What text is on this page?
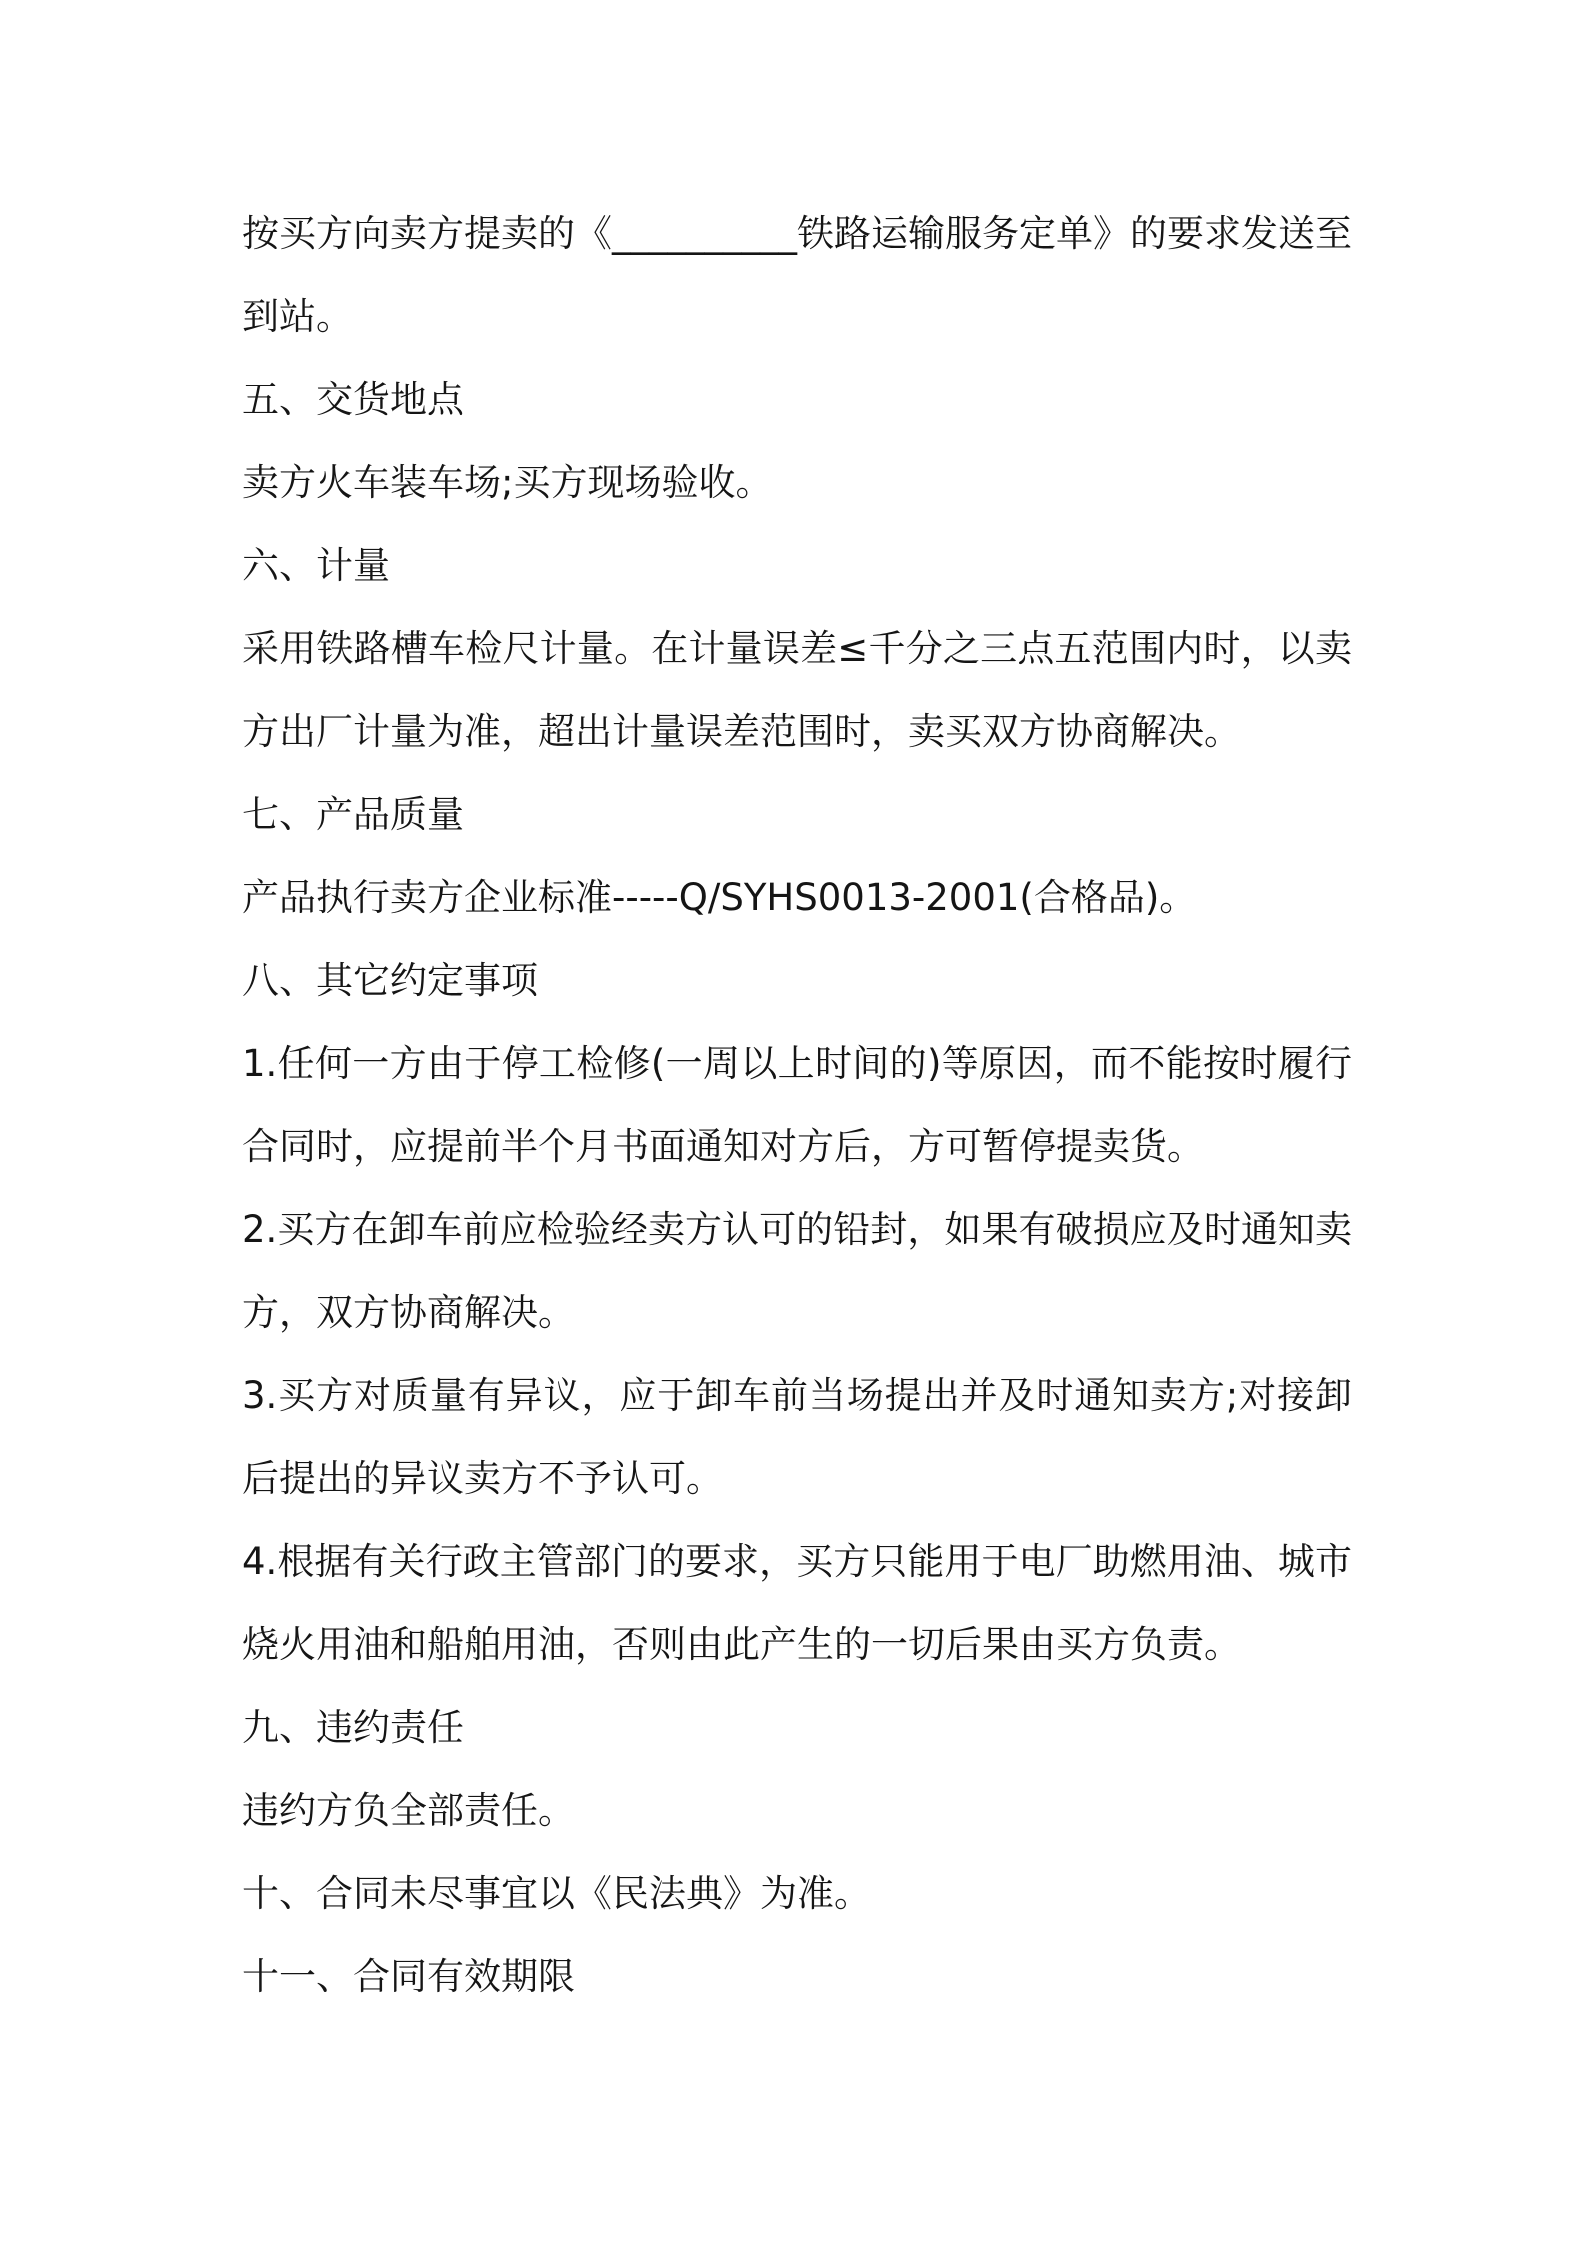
按买方向卖方提卖的《__________铁路运输服务定单》的要求发送至
到站。
五、交货地点
卖方火车装车场;买方现场验收。
六、计量
采用铁路槽车检尺计量。在计量误差≤千分之三点五范围内时，以卖
方出厂计量为准，超出计量误差范围时，卖买双方协商解决。
七、产品质量
产品执行卖方企业标准-----Q/SYHS0013-2001(合格品)。
八、其它约定事项
1.任何一方由于停工检修(一周以上时间的)等原因，而不能按时履行
合同时，应提前半个月书面通知对方后，方可暂停提卖货。
2.买方在卸车前应检验经卖方认可的铅封，如果有破损应及时通知卖
方，双方协商解决。
3.买方对质量有异议，应于卸车前当场提出并及时通知卖方;对接卸
后提出的异议卖方不予认可。
4.根据有关行政主管部门的要求，买方只能用于电厂助燃用油、城市
烧火用油和船舶用油，否则由此产生的一切后果由买方负责。
九、违约责任
违约方负全部责任。
十、合同未尽事宜以《民法典》为准。
十一、合同有效期限
